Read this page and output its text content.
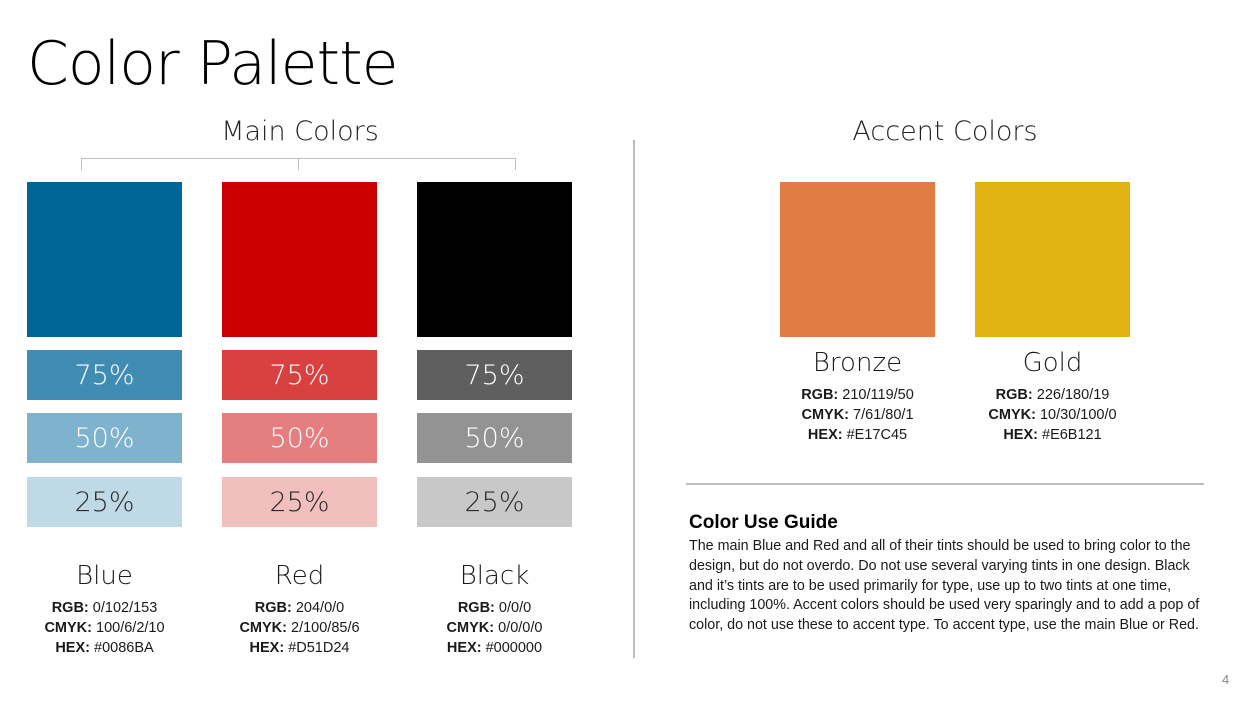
Color Palette
Main Colors	Accent Colors
75%
50%
25%
Blue
RGB: 0/102/153
CMYK: 100/6/2/10
HEX: #0086BA
75%
50%
25%
Red
RGB: 204/0/0
CMYK: 2/100/85/6
HEX: #D51D24
75%
50%
25%
Black
RGB: 0/0/0
CMYK: 0/0/0/0
HEX: #000000
Bronze
RGB: 210/119/50
CMYK: 7/61/80/1
HEX: #E17C45
Gold
RGB: 226/180/19
CMYK: 10/30/100/0
HEX: #E6B121
Color Use Guide
The main Blue and Red and all of their tints should be used to bring color to the design, but do not overdo. Do not use several varying tints in one design. Black and it’s tints are to be used primarily for type, use up to two tints at one time, including 100%. Accent colors should be used very sparingly and to add a pop of color, do not use these to accent type. To accent type, use the main Blue or Red.
4
